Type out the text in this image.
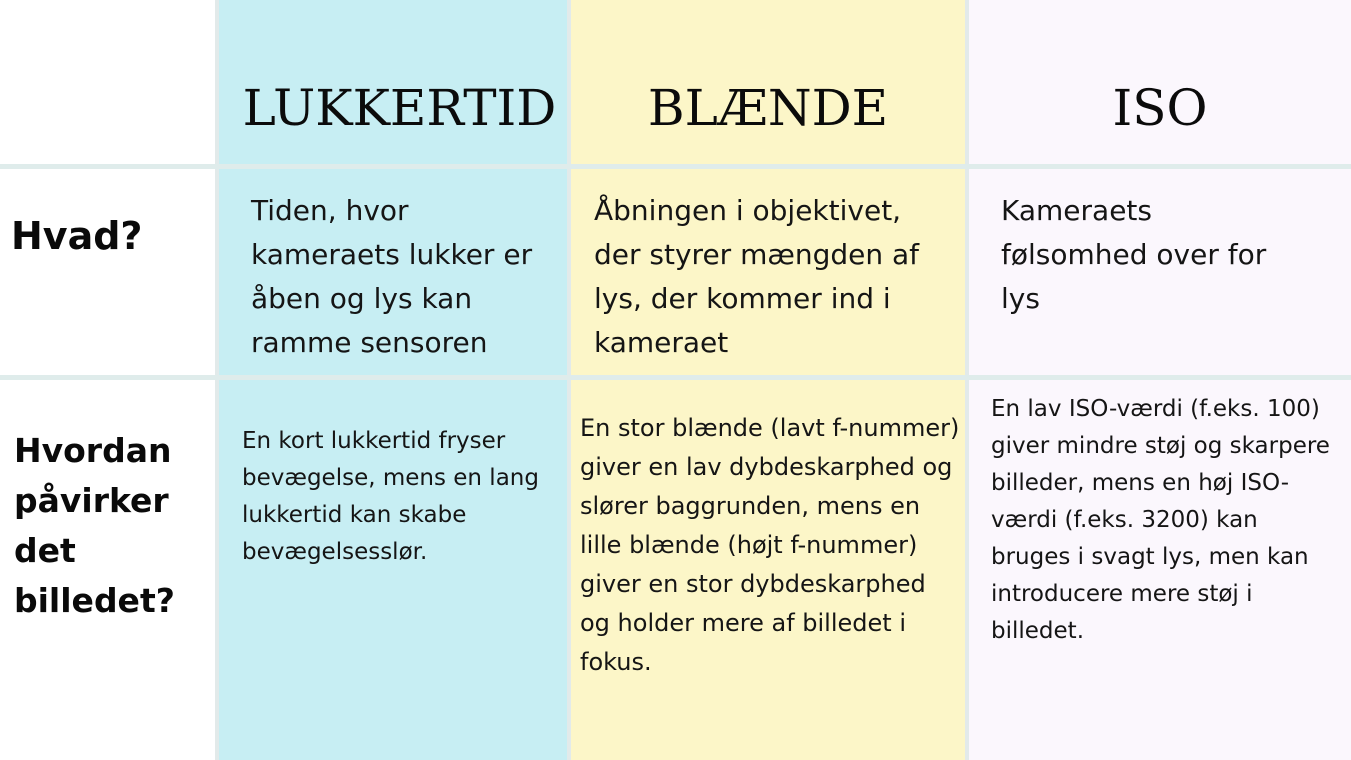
LUKKERTID	BLÆNDE	ISO
Hvad?
Hvordan påvirker det billedet?
Tiden, hvor kameraets lukker er åben og lys kan ramme sensoren
Åbningen i objektivet, der styrer mængden af lys, der kommer ind i kameraet
Kameraets følsomhed over for lys
En kort lukkertid fryser bevægelse, mens en lang lukkertid kan skabe bevægelsesslør.
En stor blænde (lavt f-nummer) giver en lav dybdeskarphed og slører baggrunden, mens en lille blænde (højt f-nummer) giver en stor dybdeskarphed og holder mere af billedet i fokus.
En lav ISO-værdi (f.eks. 100) giver mindre støj og skarpere billeder, mens en høj ISO-værdi (f.eks. 3200) kan bruges i svagt lys, men kan introducere mere støj i billedet.
